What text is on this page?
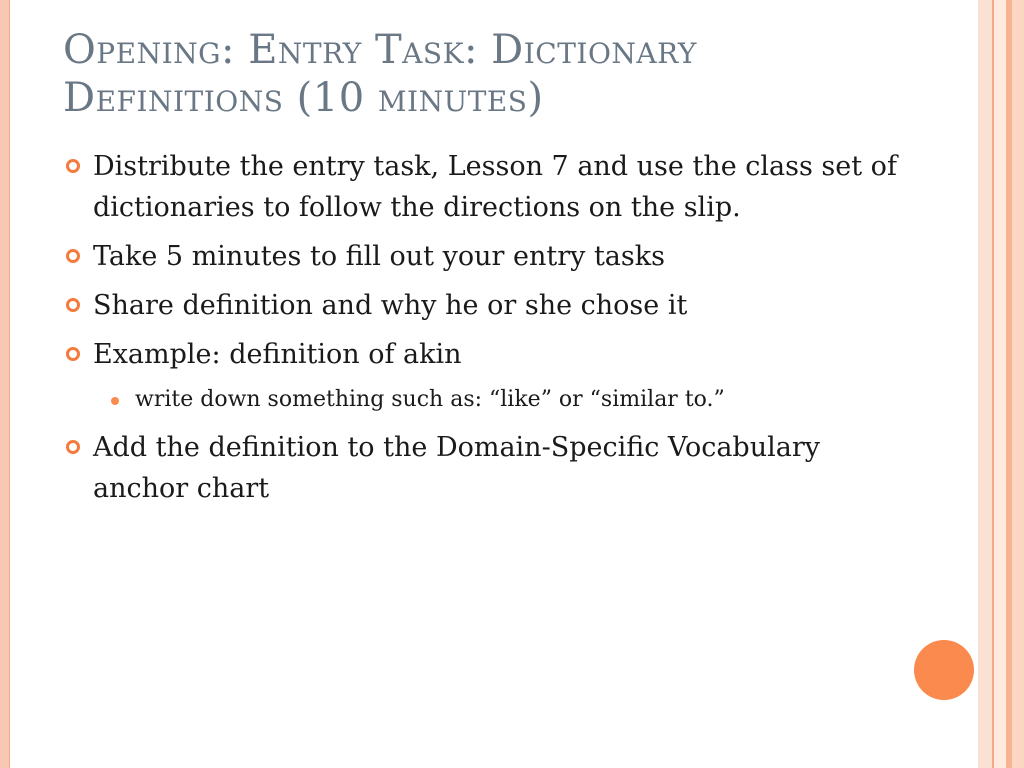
Opening: Entry Task: Dictionary Definitions (10 minutes)
Distribute the entry task, Lesson 7 and use the class set of dictionaries to follow the directions on the slip.
Take 5 minutes to fill out your entry tasks
Share definition and why he or she chose it
Example: definition of akin
write down something such as: “like” or “similar to.”
Add the definition to the Domain-Specific Vocabulary anchor chart
